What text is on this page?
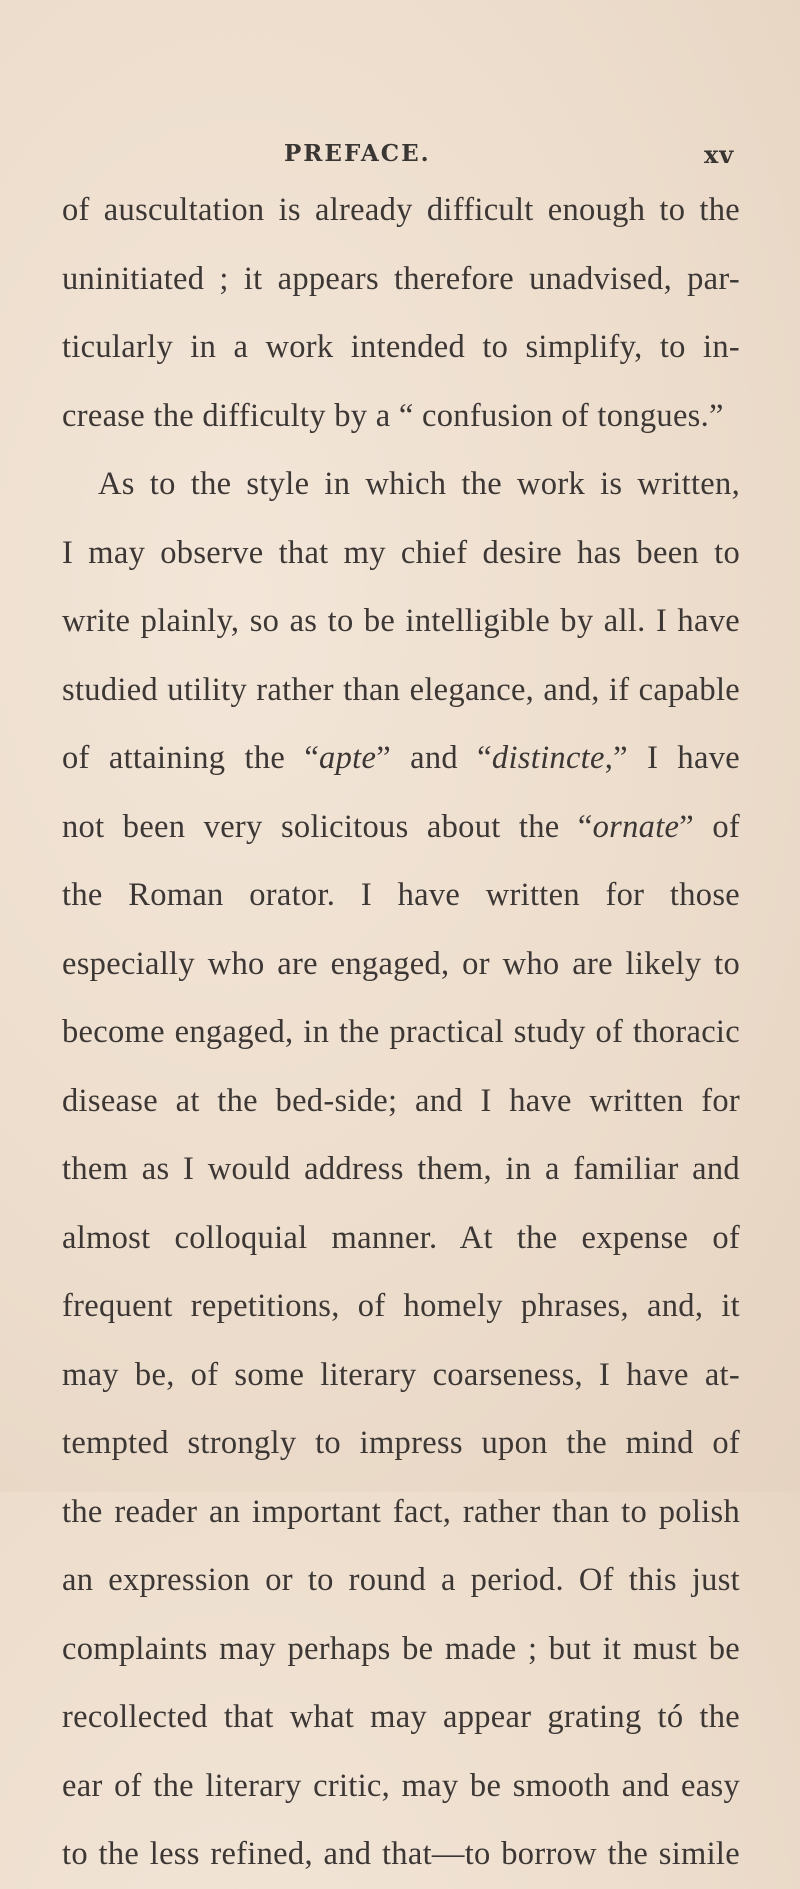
PREFACE.	xv
of auscultation is already difficult enough to the
uninitiated ; it appears therefore unadvised, par-
ticularly in a work intended to simplify, to in-
crease the difficulty by a “ confusion of tongues.”
As to the style in which the work is written,
I may observe that my chief desire has been to
write plainly, so as to be intelligible by all. I have
studied utility rather than elegance, and, if capable
of attaining the “apte” and “distincte,” I have
not been very solicitous about the “ornate” of
the Roman orator. I have written for those
especially who are engaged, or who are likely to
become engaged, in the practical study of thoracic
disease at the bed-side; and I have written for
them as I would address them, in a familiar and
almost colloquial manner. At the expense of
frequent repetitions, of homely phrases, and, it
may be, of some literary coarseness, I have at-
tempted strongly to impress upon the mind of
the reader an important fact, rather than to polish
an expression or to round a period. Of this just
complaints may perhaps be made ; but it must be
recollected that what may appear grating tó the
ear of the literary critic, may be smooth and easy
to the less refined, and that—to borrow the simile
